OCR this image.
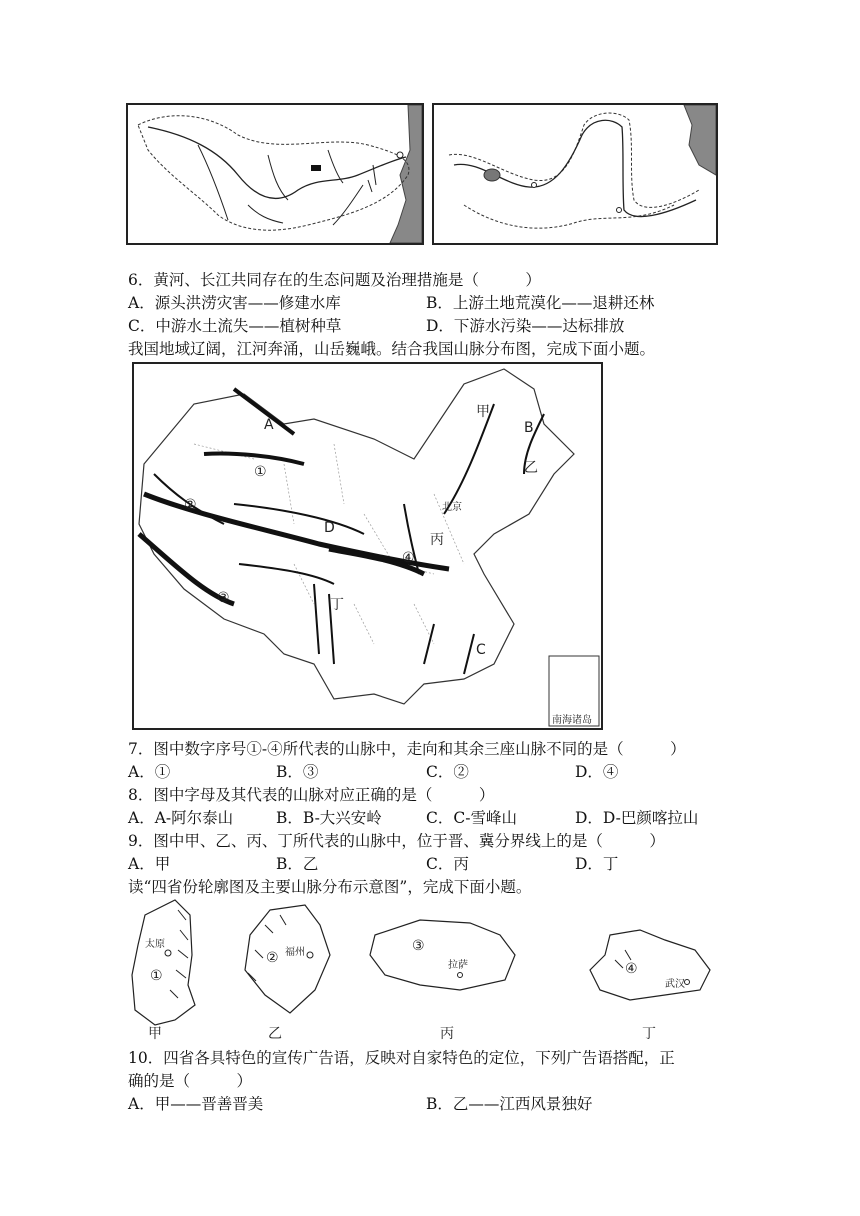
6．黄河、长江共同存在的生态问题及治理措施是（　　　）
A．源头洪涝灾害——修建水库	B．上游土地荒漠化——退耕还林
C．中游水土流失——植树种草	D．下游水污染——达标排放
我国地域辽阔，江河奔涌，山岳巍峨。结合我国山脉分布图，完成下面小题。
A	B
C
D
①
②
③
④
甲
乙
丙
丁
北京
南海诸岛
7．图中数字序号①-④所代表的山脉中，走向和其余三座山脉不同的是（　　　）
A．①	B．③	C．②	D．④
8．图中字母及其代表的山脉对应正确的是（　　　）
A．A-阿尔泰山	B．B-大兴安岭	C．C-雪峰山	D．D-巴颜喀拉山
9．图中甲、乙、丙、丁所代表的山脉中，位于晋、冀分界线上的是（　　　）
A．甲	B．乙	C．丙	D．丁
读“四省份轮廓图及主要山脉分布示意图”，完成下面小题。
太原
①
甲
福州
②
乙
拉萨
③
丙
武汉
④
丁
10．四省各具特色的宣传广告语，反映对自家特色的定位，下列广告语搭配，正
确的是（　　　）
A．甲——晋善晋美	B．乙——江西风景独好
